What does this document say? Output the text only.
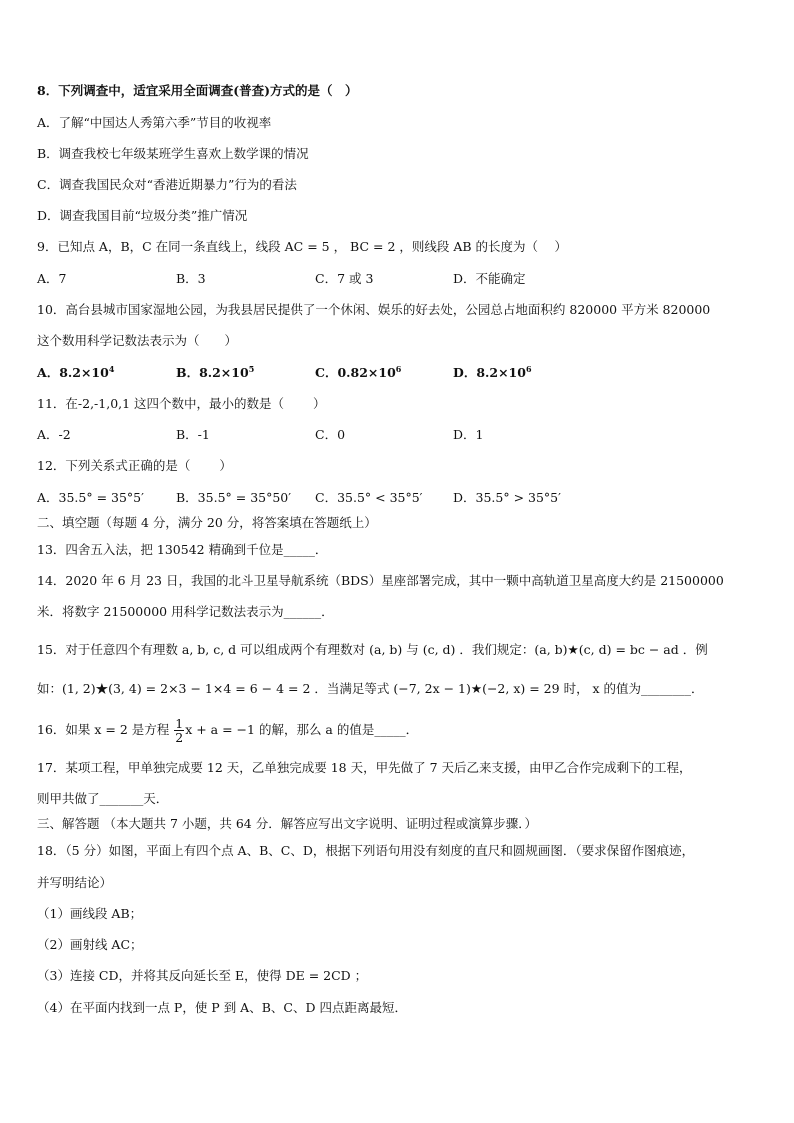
8．下列调查中，适宜采用全面调查(普查)方式的是（　）
A．了解“中国达人秀第六季”节目的收视率
B．调查我校七年级某班学生喜欢上数学课的情况
C．调查我国民众对“香港近期暴力”行为的看法
D．调查我国目前“垃圾分类”推广情况
9．已知点 A，B，C 在同一条直线上，线段 AC = 5 ， BC = 2 ，则线段 AB 的长度为（　 ）
A．7	B．3	C．7 或 3	D．不能确定
10．高台县城市国家湿地公园，为我县居民提供了一个休闲、娱乐的好去处，公园总占地面积约 820000 平方米 820000
这个数用科学记数法表示为（　　）
A．$8.2\times 10^4$	B．$8.2\times 10^5$	C．$0.82\times 10^6$	D．$8.2\times 10^6$
11．在-2,-1,0,1 这四个数中，最小的数是（　　 ）
A．-2	B．-1	C．0	D．1
12．下列关系式正确的是（　　 ）
A．35.5° = 35°5′	B．35.5° = 35°50′ C．35.5° < 35°5′ D．35.5° > 35°5′
二、填空题（每题 4 分，满分 20 分，将答案填在答题纸上）
13．四舍五入法，把 130542 精确到千位是_____．
14．2020 年 6 月 23 日，我国的北斗卫星导航系统（BDS）星座部署完成，其中一颗中高轨道卫星高度大约是 21500000
米．将数字 21500000 用科学记数法表示为______．
15．对于任意四个有理数 a, b, c, d 可以组成两个有理数对 (a, b) 与 (c, d) ．我们规定：(a, b)★(c, d) = bc − ad ．例
如：(1, 2)★(3, 4) = 2×3 − 1×4 = 6 − 4 = 2 ．当满足等式 (−7, 2x − 1)★(−2, x) = 29 时， x 的值为________．
16．如果 x = 2 是方程 $\frac{1}{2}$ x + a = −1 的解，那么 a 的值是_____．
17．某项工程，甲单独完成要 12 天，乙单独完成要 18 天，甲先做了 7 天后乙来支援，由甲乙合作完成剩下的工程，
则甲共做了_______天．
三、解答题 （本大题共 7 小题，共 64 分．解答应写出文字说明、证明过程或演算步骤．）
18．（5 分）如图，平面上有四个点 A、B、C、D，根据下列语句用没有刻度的直尺和圆规画图．（要求保留作图痕迹，
并写明结论）
（1）画线段 AB；
（2）画射线 AC；
（3）连接 CD，并将其反向延长至 E，使得 DE = 2CD ；
（4）在平面内找到一点 P，使 P 到 A、B、C、D 四点距离最短．
